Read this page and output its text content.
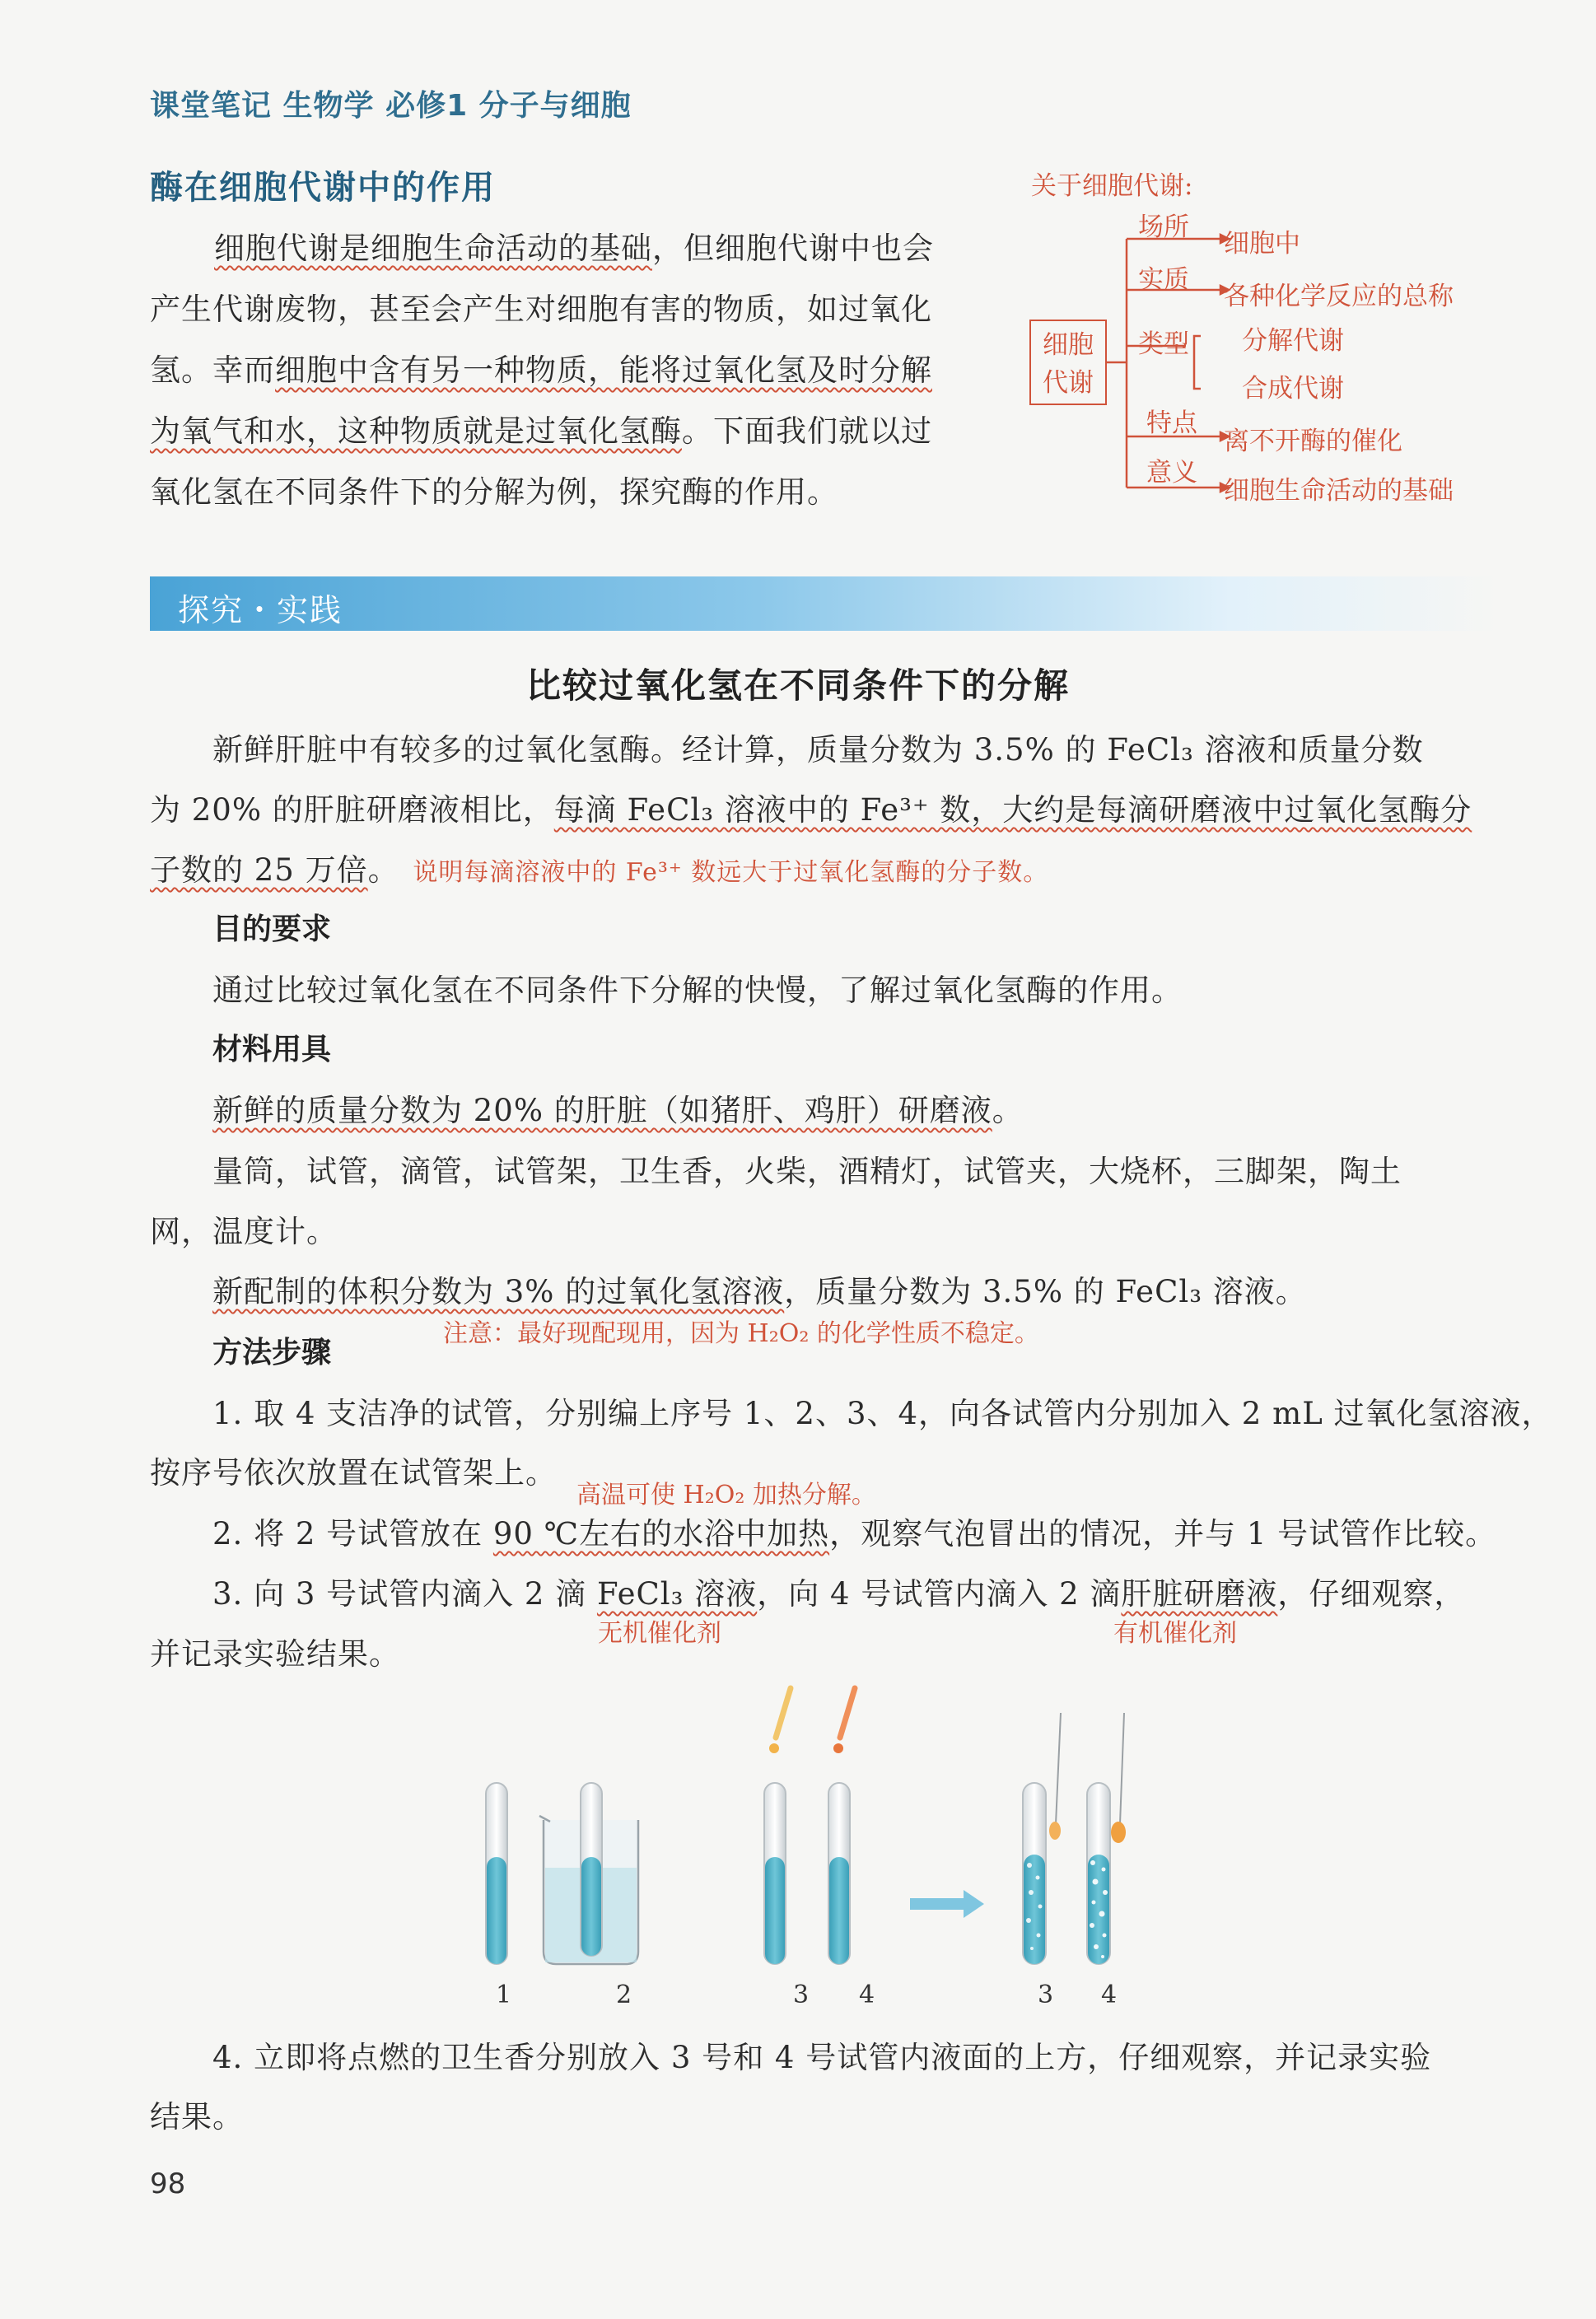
课堂笔记 生物学 必修1 分子与细胞
酶在细胞代谢中的作用

细胞代谢是细胞生命活动的基础，但细胞代谢中也会

产生代谢废物，甚至会产生对细胞有害的物质，如过氧化

氢。幸而细胞中含有另一种物质，能将过氧化氢及时分解

为氧气和水，这种物质就是过氧化氢酶。下面我们就以过

氧化氢在不同条件下的分解为例，探究酶的作用。

关于细胞代谢:
细胞代谢
场所
细胞中
实质
各种化学反应的总称
类型 分解代谢
合成代谢
特点
离不开酶的催化
意义
细胞生命活动的基础
探究・实践
比较过氧化氢在不同条件下的分解
新鲜肝脏中有较多的过氧化氢酶。经计算，质量分数为 3.5% 的 FeCl₃ 溶液和质量分数
为 20% 的肝脏研磨液相比，每滴 FeCl₃ 溶液中的 Fe³⁺ 数，大约是每滴研磨液中过氧化氢酶分
子数的 25 万倍。 说明每滴溶液中的 Fe³⁺ 数远大于过氧化氢酶的分子数。
目的要求
通过比较过氧化氢在不同条件下分解的快慢，了解过氧化氢酶的作用。
材料用具
新鲜的质量分数为 20% 的肝脏（如猪肝、鸡肝）研磨液。
量筒，试管，滴管，试管架，卫生香，火柴，酒精灯，试管夹，大烧杯，三脚架，陶土
网，温度计。
新配制的体积分数为 3% 的过氧化氢溶液，质量分数为 3.5% 的 FeCl₃ 溶液。
方法步骤
注意：最好现配现用，因为 H₂O₂ 的化学性质不稳定。
1. 取 4 支洁净的试管，分别编上序号 1、2、3、4，向各试管内分别加入 2 mL 过氧化氢溶液，
按序号依次放置在试管架上。
高温可使 H₂O₂ 加热分解。
2. 将 2 号试管放在 90 ℃左右的水浴中加热，观察气泡冒出的情况，并与 1 号试管作比较。
3. 向 3 号试管内滴入 2 滴 FeCl₃ 溶液，向 4 号试管内滴入 2 滴肝脏研磨液，仔细观察，
无机催化剂	有机催化剂
并记录实验结果。
1	2	3 4	3 4
4. 立即将点燃的卫生香分别放入 3 号和 4 号试管内液面的上方，仔细观察，并记录实验
结果。
98
